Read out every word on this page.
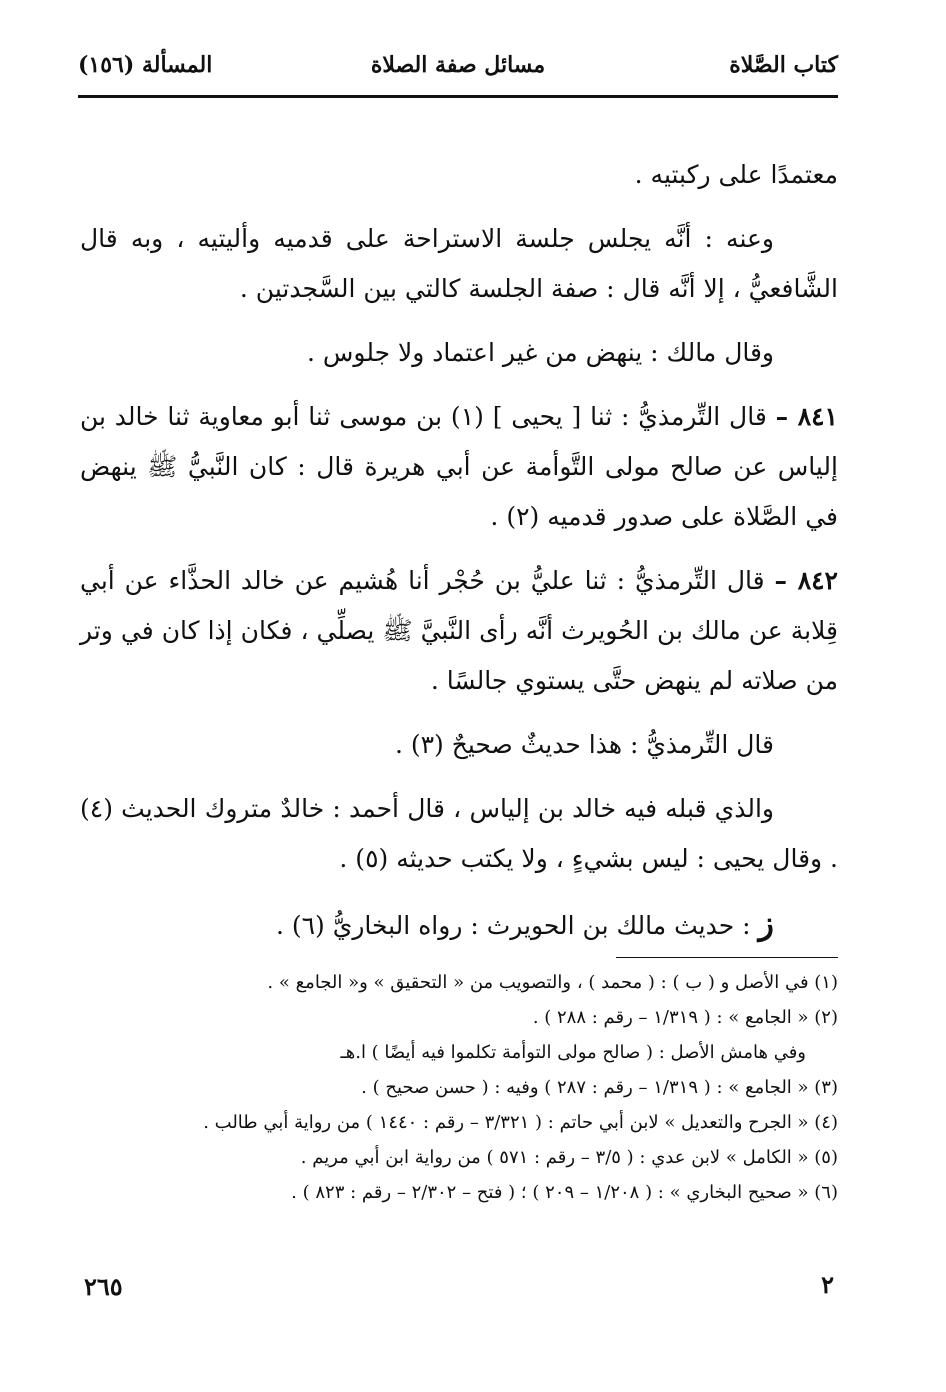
كتاب الصَّلاة
مسائل صفة الصلاة
المسألة (١٥٦)

معتمدًا على ركبتيه .

وعنه : أنَّه يجلس جلسة الاستراحة على قدميه وأليتيه ، وبه قال الشَّافعيُّ ، إلا أنَّه قال : صفة الجلسة كالتي بين السَّجدتين .

وقال مالك : ينهض من غير اعتماد ولا جلوس .

٨٤١ – قال التِّرمذيُّ : ثنا [ يحيى ] (١) بن موسى ثنا أبو معاوية ثنا خالد بن إلياس عن صالح مولى التَّوأمة عن أبي هريرة قال : كان النَّبيُّ ﷺ ينهض في الصَّلاة على صدور قدميه (٢) .

٨٤٢ – قال التِّرمذيُّ : ثنا عليُّ بن حُجْر أنا هُشيم عن خالد الحذَّاء عن أبي قِلابة عن مالك بن الحُويرث أنَّه رأى النَّبيَّ ﷺ يصلِّي ، فكان إذا كان في وتر من صلاته لم ينهض حتَّى يستوي جالسًا .

قال التِّرمذيُّ : هذا حديثٌ صحيحٌ (٣) .

والذي قبله فيه خالد بن إلياس ، قال أحمد : خالدٌ متروك الحديث (٤) . وقال يحيى : ليس بشيءٍ ، ولا يكتب حديثه (٥) .

ز : حديث مالك بن الحويرث : رواه البخاريُّ (٦) .

(١) في الأصل و ( ب ) : ( محمد ) ، والتصويب من « التحقيق » و« الجامع » .
(٢) « الجامع » : ( ١/٣١٩ – رقم : ٢٨٨ ) .
وفي هامش الأصل : ( صالح مولى التوأمة تكلموا فيه أيضًا ) ا.هـ
(٣) « الجامع » : ( ١/٣١٩ – رقم : ٢٨٧ ) وفيه : ( حسن صحيح ) .
(٤) « الجرح والتعديل » لابن أبي حاتم : ( ٣/٣٢١ – رقم : ١٤٤٠ ) من رواية أبي طالب .
(٥) « الكامل » لابن عدي : ( ٣/٥ – رقم : ٥٧١ ) من رواية ابن أبي مريم .
(٦) « صحيح البخاري » : ( ١/٢٠٨ – ٢٠٩ ) ؛ ( فتح – ٢/٣٠٢ – رقم : ٨٢٣ ) .
٢٦٥	٢
